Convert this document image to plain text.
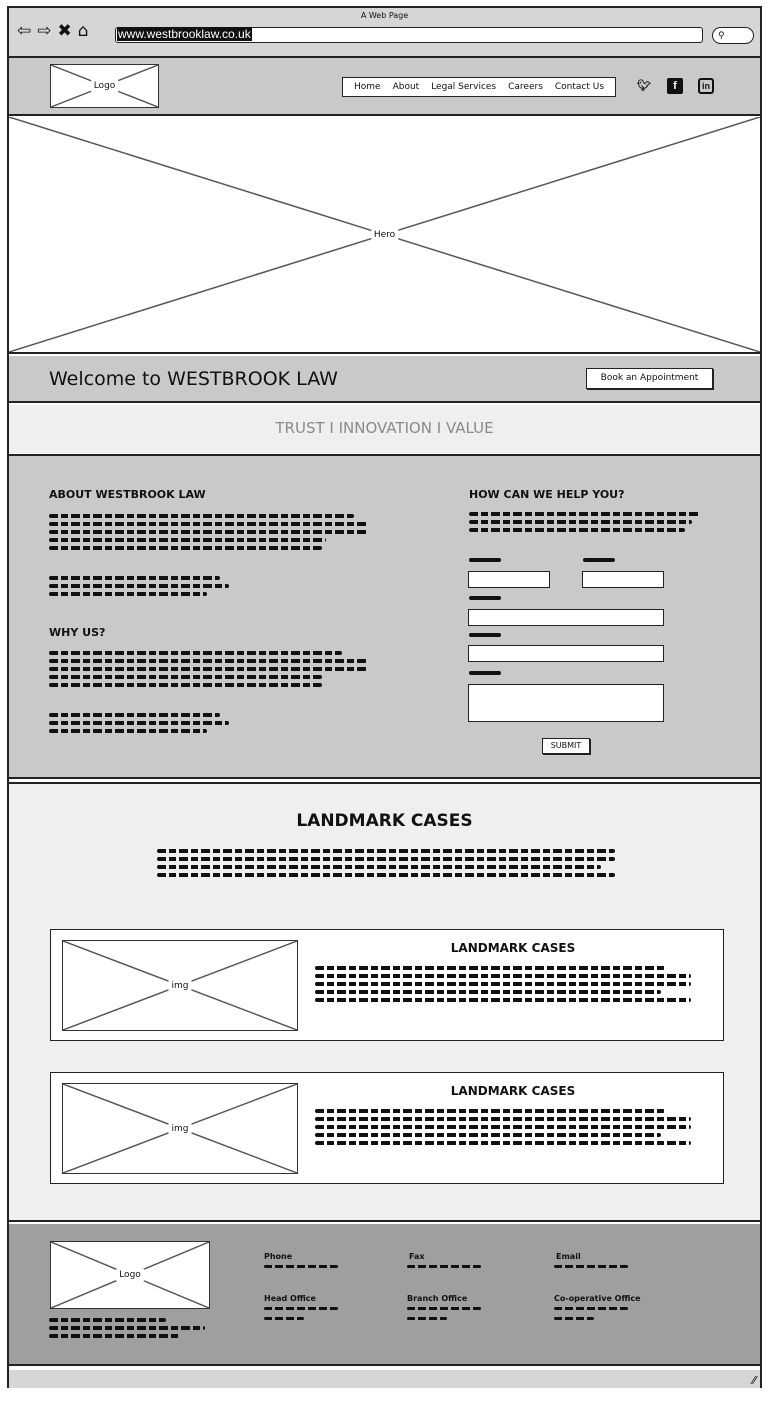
A Web Page
⇦ ⇨ ✖ ⌂ www.westbrooklaw.co.uk	⚲
Logo	Home About Legal Services Careers Contact Us	🐦︎	f	in
Hero
Welcome to WESTBROOK LAW	Book an Appointment
TRUST I INNOVATION I VALUE
ABOUT WESTBROOK LAW
WHY US?
HOW CAN WE HELP YOU?
SUBMIT
LANDMARK CASES
img
LANDMARK CASES
img
LANDMARK CASES
Logo
Phone	Fax	Email
Head Office	Branch Office	Co-operative Office
⁄⁄
